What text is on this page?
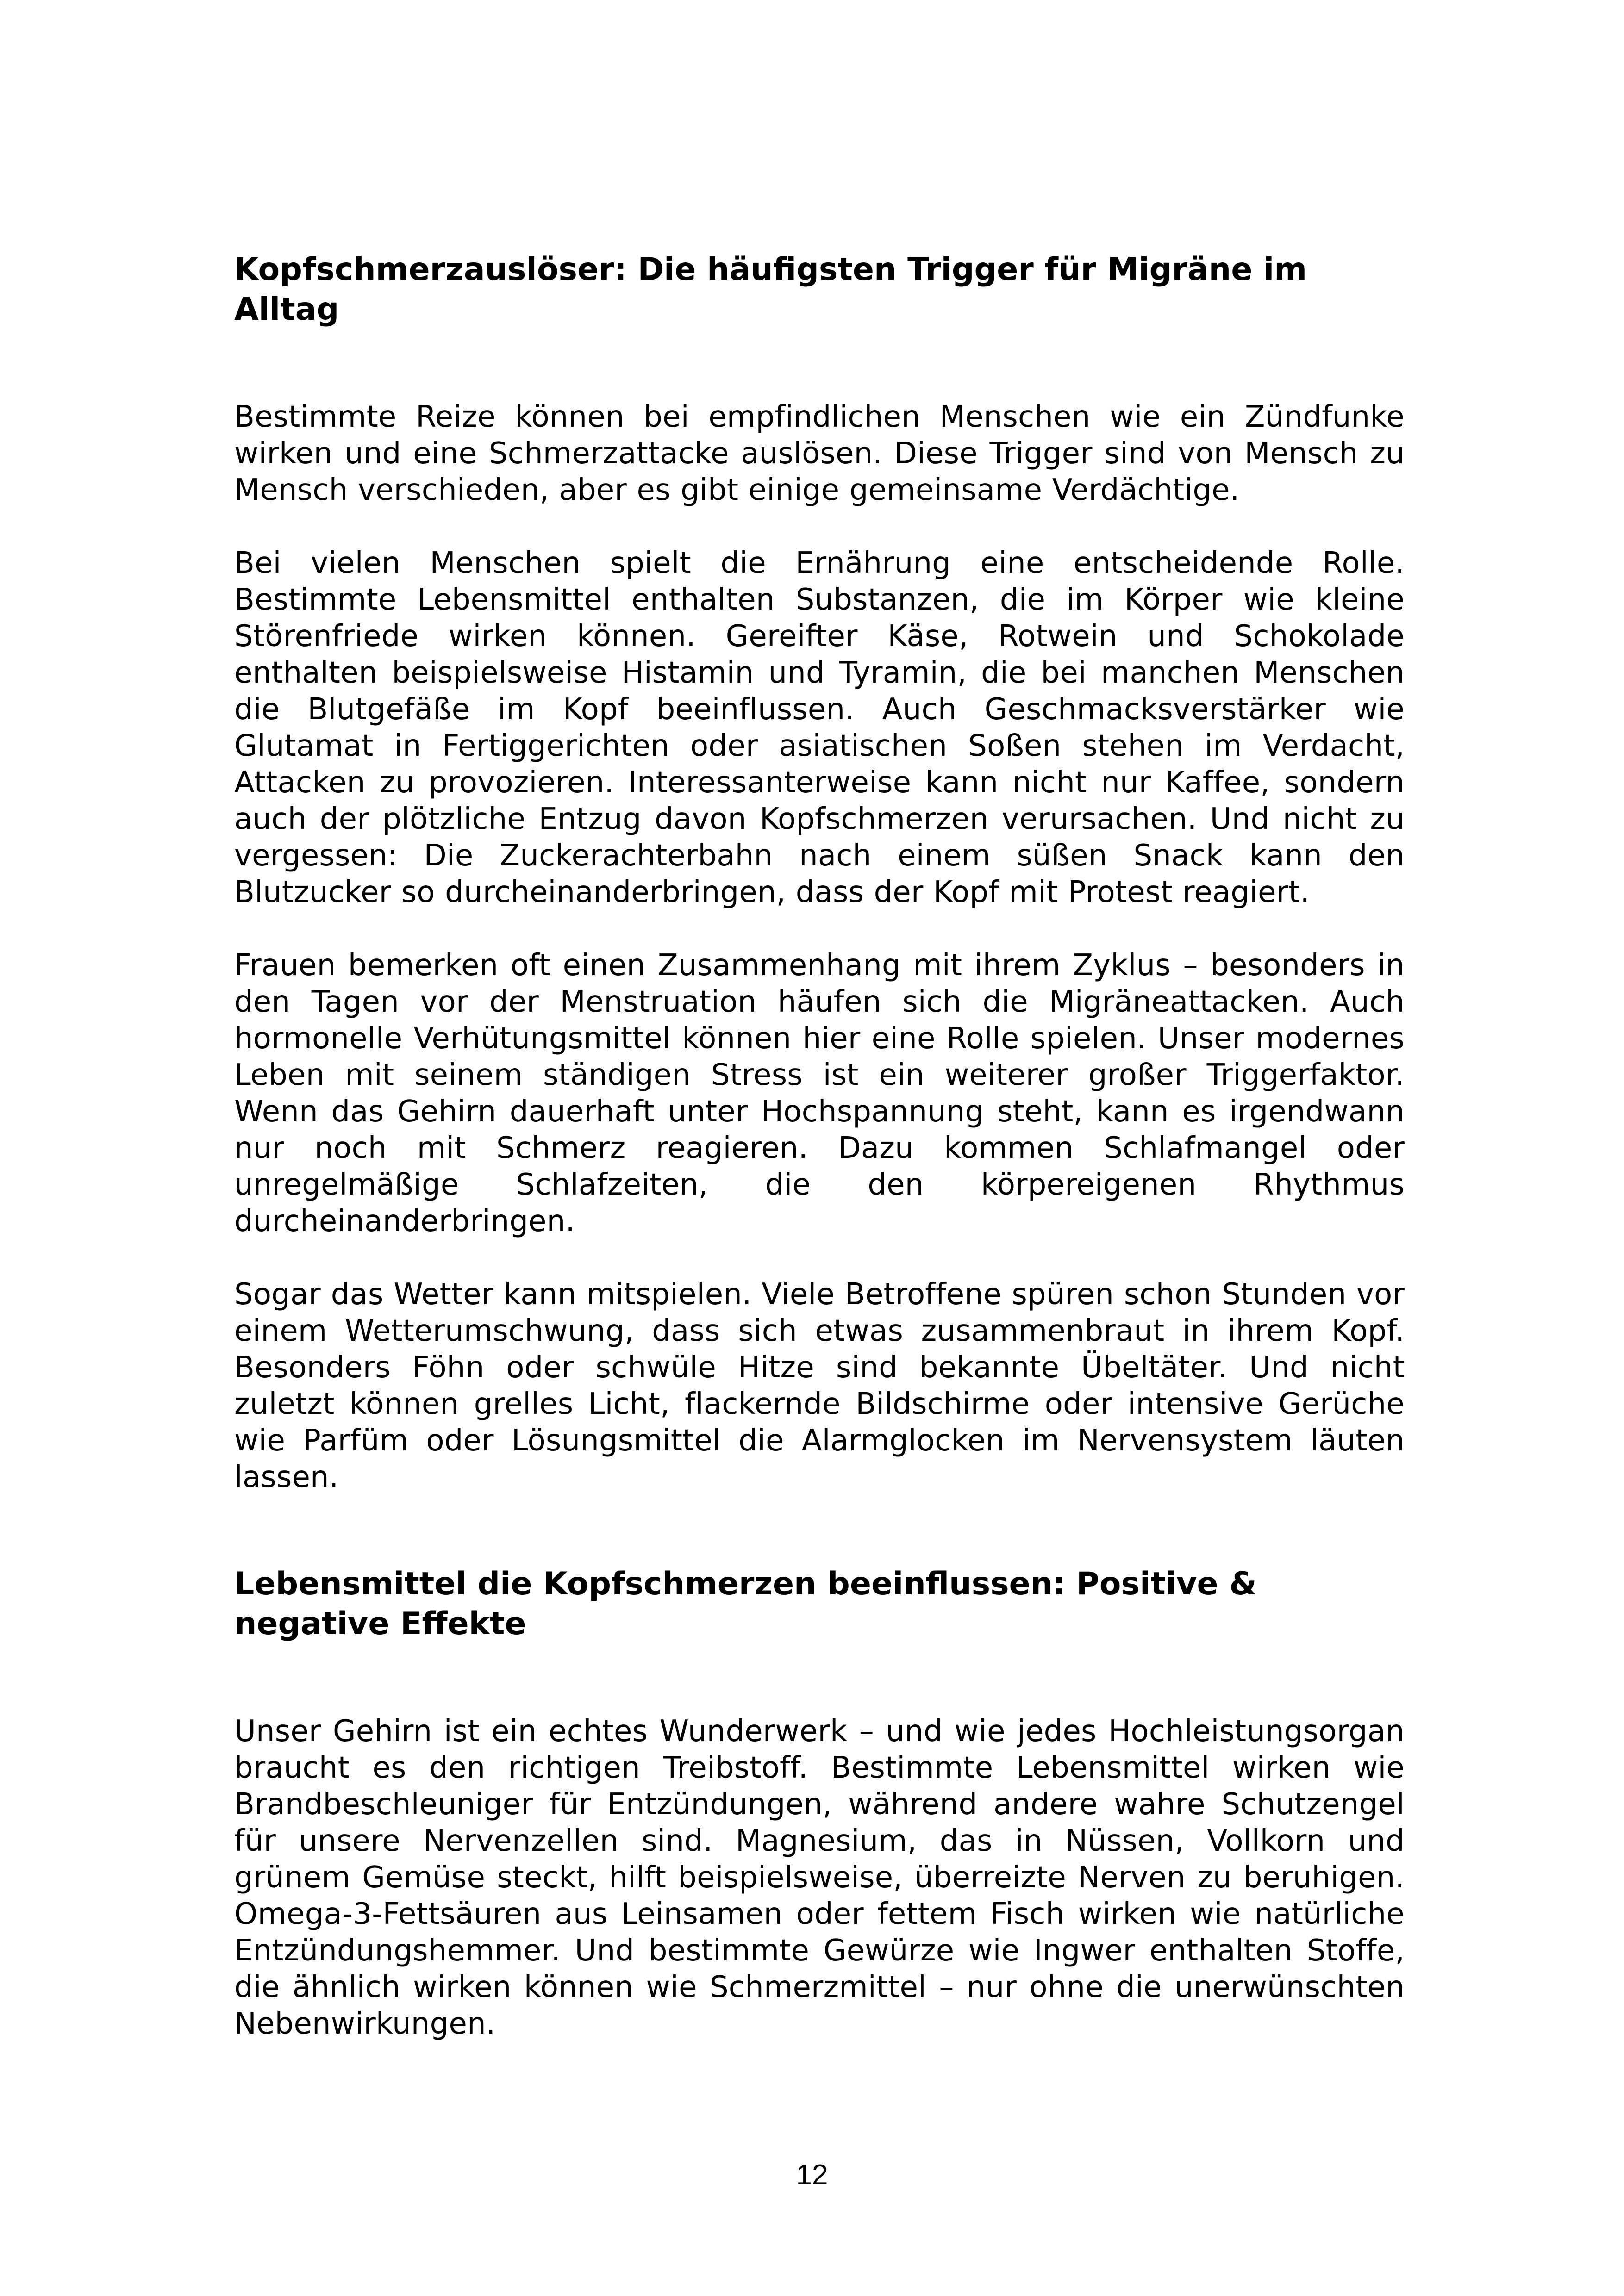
Kopfschmerzauslöser: Die häufigsten Trigger für Migräne im Alltag

Bestimmte Reize können bei empfindlichen Menschen wie ein Zündfunke wirken und eine Schmerzattacke auslösen. Diese Trigger sind von Mensch zu Mensch verschieden, aber es gibt einige gemeinsame Verdächtige.

Bei vielen Menschen spielt die Ernährung eine entscheidende Rolle. Bestimmte Lebensmittel enthalten Substanzen, die im Körper wie kleine Störenfriede wirken können. Gereifter Käse, Rotwein und Schokolade enthalten beispielsweise Histamin und Tyramin, die bei manchen Menschen die Blutgefäße im Kopf beeinflussen. Auch Geschmacksverstärker wie Glutamat in Fertiggerichten oder asiatischen Soßen stehen im Verdacht, Attacken zu provozieren. Interessanterweise kann nicht nur Kaffee, sondern auch der plötzliche Entzug davon Kopfschmerzen verursachen. Und nicht zu vergessen: Die Zuckerachterbahn nach einem süßen Snack kann den Blutzucker so durcheinanderbringen, dass der Kopf mit Protest reagiert.

Frauen bemerken oft einen Zusammenhang mit ihrem Zyklus – besonders in den Tagen vor der Menstruation häufen sich die Migräneattacken. Auch hormonelle Verhütungsmittel können hier eine Rolle spielen. Unser modernes Leben mit seinem ständigen Stress ist ein weiterer großer Triggerfaktor. Wenn das Gehirn dauerhaft unter Hochspannung steht, kann es irgendwann nur noch mit Schmerz reagieren. Dazu kommen Schlafmangel oder unregelmäßige Schlafzeiten, die den körpereigenen Rhythmus durcheinanderbringen.

Sogar das Wetter kann mitspielen. Viele Betroffene spüren schon Stunden vor einem Wetterumschwung, dass sich etwas zusammenbraut in ihrem Kopf. Besonders Föhn oder schwüle Hitze sind bekannte Übeltäter. Und nicht zuletzt können grelles Licht, flackernde Bildschirme oder intensive Gerüche wie Parfüm oder Lösungsmittel die Alarmglocken im Nervensystem läuten lassen.

Lebensmittel die Kopfschmerzen beeinflussen: Positive & negative Effekte

Unser Gehirn ist ein echtes Wunderwerk – und wie jedes Hochleistungsorgan braucht es den richtigen Treibstoff. Bestimmte Lebensmittel wirken wie Brandbeschleuniger für Entzündungen, während andere wahre Schutzengel für unsere Nervenzellen sind. Magnesium, das in Nüssen, Vollkorn und grünem Gemüse steckt, hilft beispielsweise, überreizte Nerven zu beruhigen. Omega-3-Fettsäuren aus Leinsamen oder fettem Fisch wirken wie natürliche Entzündungshemmer. Und bestimmte Gewürze wie Ingwer enthalten Stoffe, die ähnlich wirken können wie Schmerzmittel – nur ohne die unerwünschten Nebenwirkungen.

12
